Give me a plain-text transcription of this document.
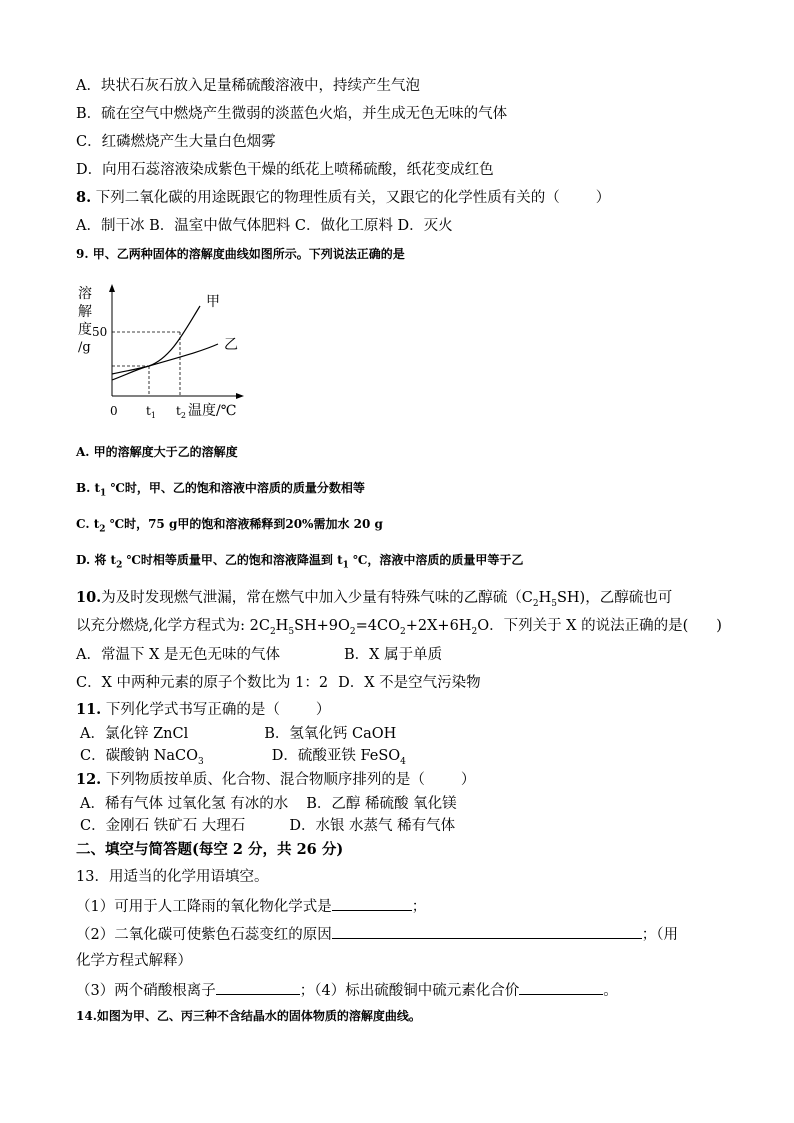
A．块状石灰石放入足量稀硫酸溶液中，持续产生气泡
B．硫在空气中燃烧产生微弱的淡蓝色火焰，并生成无色无味的气体
C．红磷燃烧产生大量白色烟雾
D．向用石蕊溶液染成紫色干燥的纸花上喷稀硫酸，纸花变成红色
8. 下列二氧化碳的用途既跟它的物理性质有关，又跟它的化学性质有关的（ ）
A．制干冰 B．温室中做气体肥料 C．做化工原料 D．灭火
9. 甲、乙两种固体的溶解度曲线如图所示。下列说法正确的是
溶
解
度
/g
50
0 $t_1$ $t_2$ 温度/℃
甲
乙
A. 甲的溶解度大于乙的溶解度
B. $t_1$ ℃时，甲、乙的饱和溶液中溶质的质量分数相等
C. $t_2$ ℃时，75 g甲的饱和溶液稀释到20%需加水 20 g
D. 将 $t_2$ ℃时相等质量甲、乙的饱和溶液降温到 $t_1$ ℃，溶液中溶质的质量甲等于乙
10.为及时发现燃气泄漏，常在燃气中加入少量有特殊气味的乙醇硫$(C_2H_5SH)$，乙醇硫也可
以充分燃烧,化学方程式为: $2C_2H_5SH+9O_2=4CO_2+2X+6H_2O$．下列关于 X 的说法正确的是( )
A．常温下 X 是无色无味的气体	B．X 属于单质
C．X 中两种元素的原子个数比为 1：2 D．X 不是空气污染物
11. 下列化学式书写正确的是（ ）
A．氯化锌 ZnCl	B．氢氧化钙 CaOH
C．碳酸钠 NaCO$_3$	D．硫酸亚铁 FeSO$_4$
12. 下列物质按单质、化合物、混合物顺序排列的是（ ）
A．稀有气体 过氧化氢 有冰的水 B．乙醇 稀硫酸 氧化镁
C．金刚石 铁矿石 大理石	D．水银 水蒸气 稀有气体
二、填空与简答题(每空 2 分，共 26 分)
13．用适当的化学用语填空。
（1）可用于人工降雨的氧化物化学式是	；
（2）二氧化碳可使紫色石蕊变红的原因	；（用
化学方程式解释）
（3）两个硝酸根离子	；（4）标出硫酸铜中硫元素化合价	。
14.如图为甲、乙、丙三种不含结晶水的固体物质的溶解度曲线。
